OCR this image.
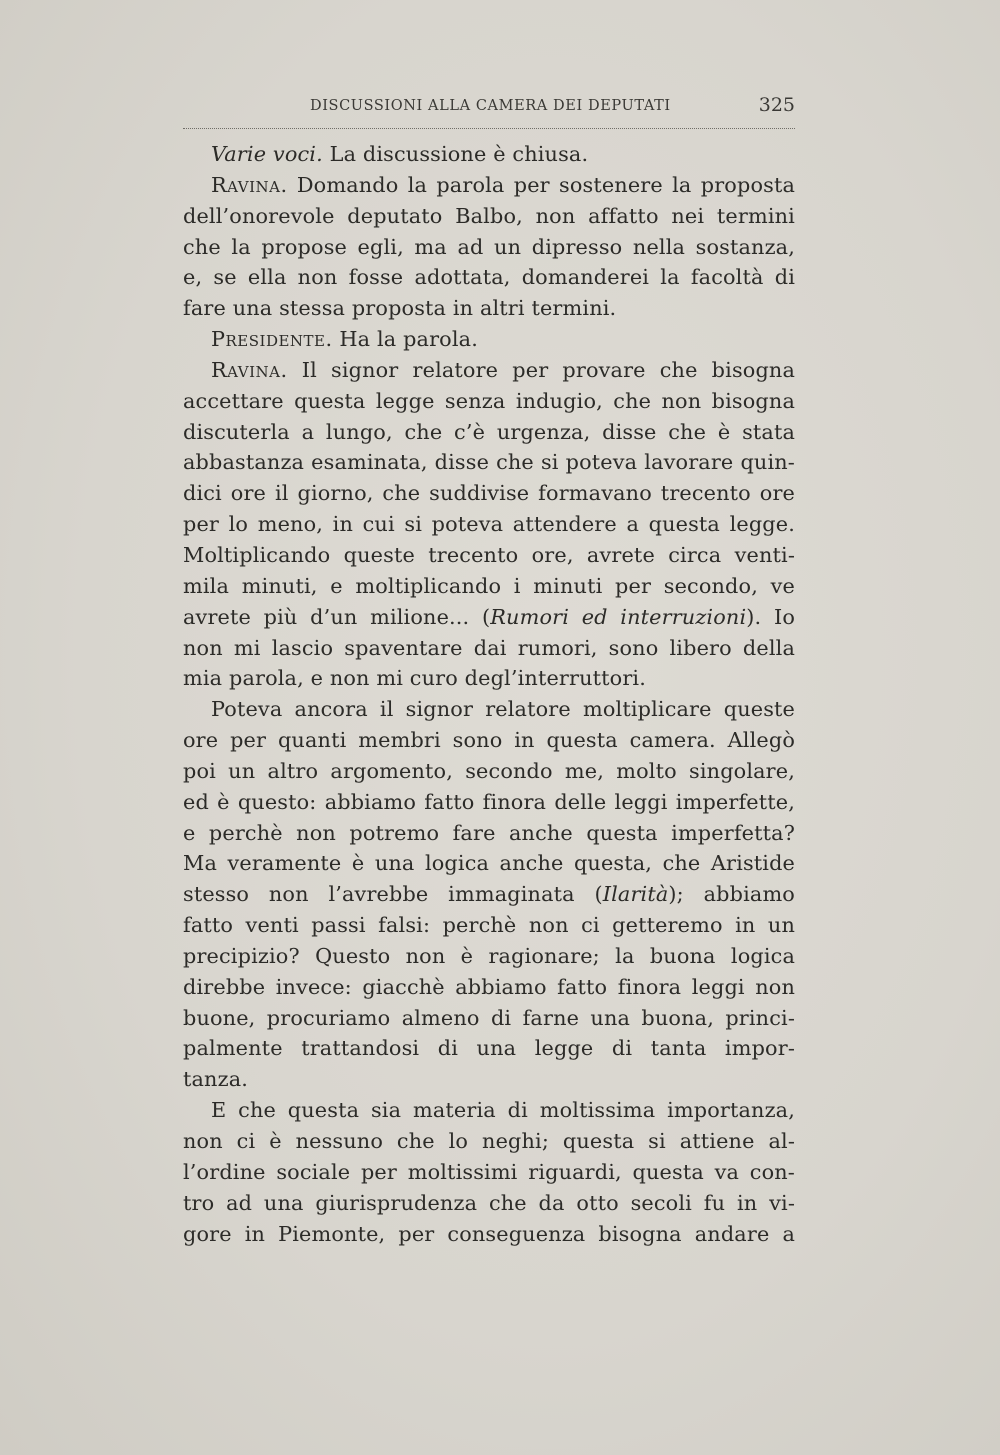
DISCUSSIONI ALLA CAMERA DEI DEPUTATI	325
Varie voci. La discussione è chiusa.
Ravina. Domando la parola per sostenere la proposta
dell’onorevole deputato Balbo, non affatto nei termini
che la propose egli, ma ad un dipresso nella sostanza,
e, se ella non fosse adottata, domanderei la facoltà di
fare una stessa proposta in altri termini.
Presidente. Ha la parola.
Ravina. Il signor relatore per provare che bisogna
accettare questa legge senza indugio, che non bisogna
discuterla a lungo, che c’è urgenza, disse che è stata
abbastanza esaminata, disse che si poteva lavorare quin-
dici ore il giorno, che suddivise formavano trecento ore
per lo meno, in cui si poteva attendere a questa legge.
Moltiplicando queste trecento ore, avrete circa venti-
mila minuti, e moltiplicando i minuti per secondo, ve
avrete più d’un milione... (Rumori ed interruzioni). Io
non mi lascio spaventare dai rumori, sono libero della
mia parola, e non mi curo degl’interruttori.
Poteva ancora il signor relatore moltiplicare queste
ore per quanti membri sono in questa camera. Allegò
poi un altro argomento, secondo me, molto singolare,
ed è questo: abbiamo fatto finora delle leggi imperfette,
e perchè non potremo fare anche questa imperfetta?
Ma veramente è una logica anche questa, che Aristide
stesso non l’avrebbe immaginata (Ilarità); abbiamo
fatto venti passi falsi: perchè non ci getteremo in un
precipizio? Questo non è ragionare; la buona logica
direbbe invece: giacchè abbiamo fatto finora leggi non
buone, procuriamo almeno di farne una buona, princi-
palmente trattandosi di una legge di tanta impor-
tanza.
E che questa sia materia di moltissima importanza,
non ci è nessuno che lo neghi; questa si attiene al-
l’ordine sociale per moltissimi riguardi, questa va con-
tro ad una giurisprudenza che da otto secoli fu in vi-
gore in Piemonte, per conseguenza bisogna andare a
